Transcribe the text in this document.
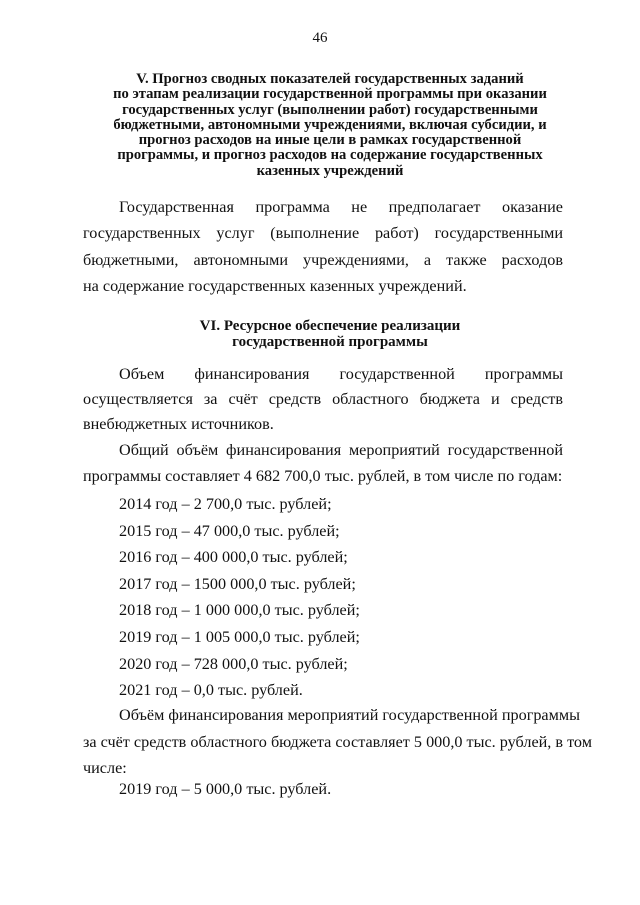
46
V. Прогноз сводных показателей государственных заданий
по этапам реализации государственной программы при оказании
государственных услуг (выполнении работ) государственными
бюджетными, автономными учреждениями, включая субсидии, и
прогноз расходов на иные цели в рамках государственной
программы, и прогноз расходов на содержание государственных
казенных учреждений
Государственная программа не предполагает оказание
государственных услуг (выполнение работ) государственными
бюджетными, автономными учреждениями, а также расходов
на содержание государственных казенных учреждений.
VI. Ресурсное обеспечение реализации
государственной программы
Объем финансирования государственной программы
осуществляется за счёт средств областного бюджета и средств
внебюджетных источников.
Общий объём финансирования мероприятий государственной
программы составляет 4 682 700,0 тыс. рублей, в том числе по годам:
2014 год – 2 700,0 тыс. рублей;
2015 год – 47 000,0 тыс. рублей;
2016 год – 400 000,0 тыс. рублей;
2017 год – 1500 000,0 тыс. рублей;
2018 год – 1 000 000,0 тыс. рублей;
2019 год – 1 005 000,0 тыс. рублей;
2020 год – 728 000,0 тыс. рублей;
2021 год – 0,0 тыс. рублей.
Объём финансирования мероприятий государственной программы
за счёт средств областного бюджета составляет 5 000,0 тыс. рублей, в том
числе:
2019 год – 5 000,0 тыс. рублей.
